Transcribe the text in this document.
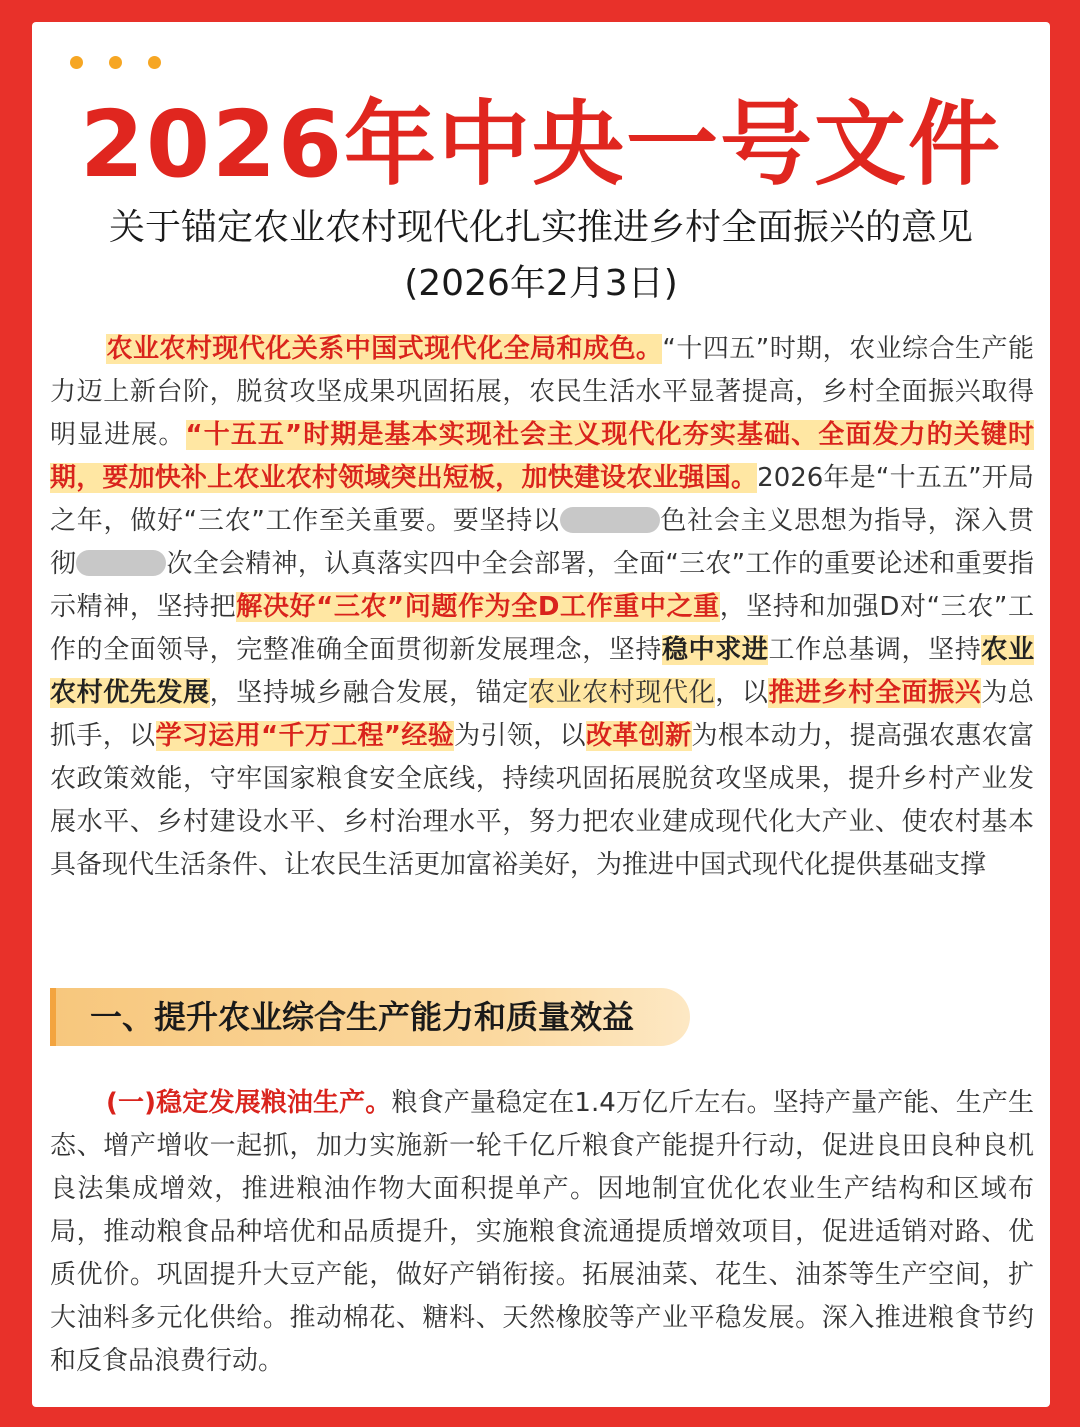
2026年中央一号文件
关于锚定农业农村现代化扎实推进乡村全面振兴的意见
(2026年2月3日)

农业农村现代化关系中国式现代化全局和成色。“十四五”时期，农业综合生产能力迈上新台阶，脱贫攻坚成果巩固拓展，农民生活水平显著提高，乡村全面振兴取得明显进展。“十五五”时期是基本实现社会主义现代化夯实基础、全面发力的关键时期，要加快补上农业农村领域突出短板，加快建设农业强国。2026年是“十五五”开局之年，做好“三农”工作至关重要。要坚持以	色社会主义思想为指导，深入贯彻	次全会精神，认真落实四中全会部署，全面“三农”工作的重要论述和重要指示精神，坚持把解决好“三农”问题作为全D工作重中之重，坚持和加强D对“三农”工作的全面领导，完整准确全面贯彻新发展理念，坚持稳中求进工作总基调，坚持农业农村优先发展，坚持城乡融合发展，锚定农业农村现代化，以推进乡村全面振兴为总抓手，以学习运用“千万工程”经验为引领，以改革创新为根本动力，提高强农惠农富农政策效能，守牢国家粮食安全底线，持续巩固拓展脱贫攻坚成果，提升乡村产业发展水平、乡村建设水平、乡村治理水平，努力把农业建成现代化大产业、使农村基本具备现代生活条件、让农民生活更加富裕美好，为推进中国式现代化提供基础支撑

一、提升农业综合生产能力和质量效益

(一)稳定发展粮油生产。粮食产量稳定在1.4万亿斤左右。坚持产量产能、生产生态、增产增收一起抓，加力实施新一轮千亿斤粮食产能提升行动，促进良田良种良机良法集成增效，推进粮油作物大面积提单产。因地制宜优化农业生产结构和区域布局，推动粮食品种培优和品质提升，实施粮食流通提质增效项目，促进适销对路、优质优价。巩固提升大豆产能，做好产销衔接。拓展油菜、花生、油茶等生产空间，扩大油料多元化供给。推动棉花、糖料、天然橡胶等产业平稳发展。深入推进粮食节约和反食品浪费行动。
